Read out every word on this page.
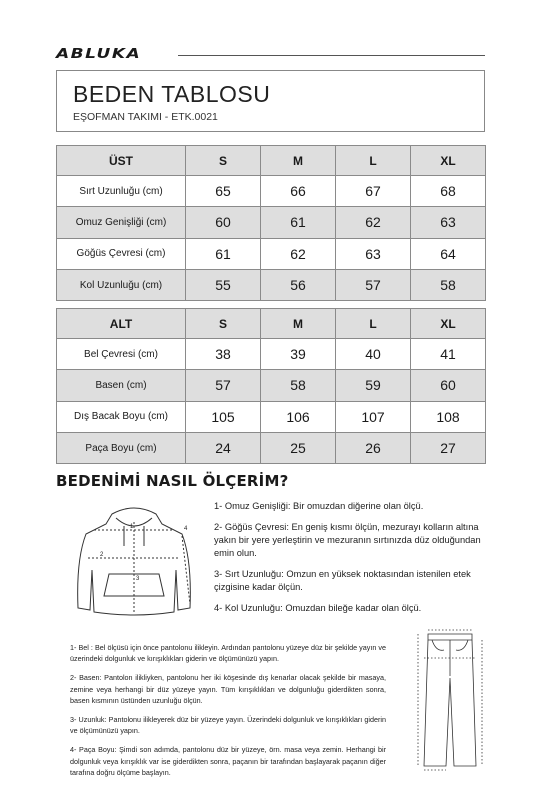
ABLUKA
BEDEN TABLOSU
EŞOFMAN TAKIMI - ETK.0021
ÜST	S	M	L	XL
Sırt Uzunluğu (cm)	65	66	67	68
Omuz Genişliği (cm)	60	61	62	63
Göğüs Çevresi (cm)	61	62	63	64
Kol Uzunluğu (cm)	55	56	57	58
ALT	S	M	L	XL
Bel Çevresi (cm)	38	39	40	41
Basen (cm)	57	58	59	60
Dış Bacak Boyu (cm)	105	106	107	108
Paça Boyu (cm)	24	25	26	27
BEDENİMİ NASIL ÖLÇERİM?
1
2
3
4

1- Omuz Genişliği: Bir omuzdan diğerine olan ölçü.

2- Göğüs Çevresi: En geniş kısmı ölçün, mezurayı kolların altına yakın bir yere yerleştirin ve mezuranın sırtınızda düz olduğundan emin olun.

3- Sırt Uzunluğu: Omzun en yüksek noktasından istenilen etek çizgisine kadar ölçün.

4- Kol Uzunluğu: Omuzdan bileğe kadar olan ölçü.

1- Bel : Bel ölçüsü için önce pantolonu ilikleyin. Ardından pantolonu yüzeye düz bir şekilde yayın ve üzerindeki dolgunluk ve kırışıklıkları giderin ve ölçümünüzü yapın.

2- Basen: Pantolon ilikliyken, pantolonu her iki köşesinde dış kenarlar olacak şekilde bir masaya, zemine veya herhangi bir düz yüzeye yayın. Tüm kırışıklıkları ve dolgunluğu giderdikten sonra, basen kısmının üstünden uzunluğu ölçün.

3- Uzunluk: Pantolonu ilikleyerek düz bir yüzeye yayın. Üzerindeki dolgunluk ve kırışıklıkları giderin ve ölçümünüzü yapın.

4- Paça Boyu: Şimdi son adımda, pantolonu düz bir yüzeye, örn. masa veya zemin. Herhangi bir dolgunluk veya kırışıklık var ise giderdikten sonra, paçanın bir tarafından başlayarak paçanın diğer tarafına doğru ölçüme başlayın.
